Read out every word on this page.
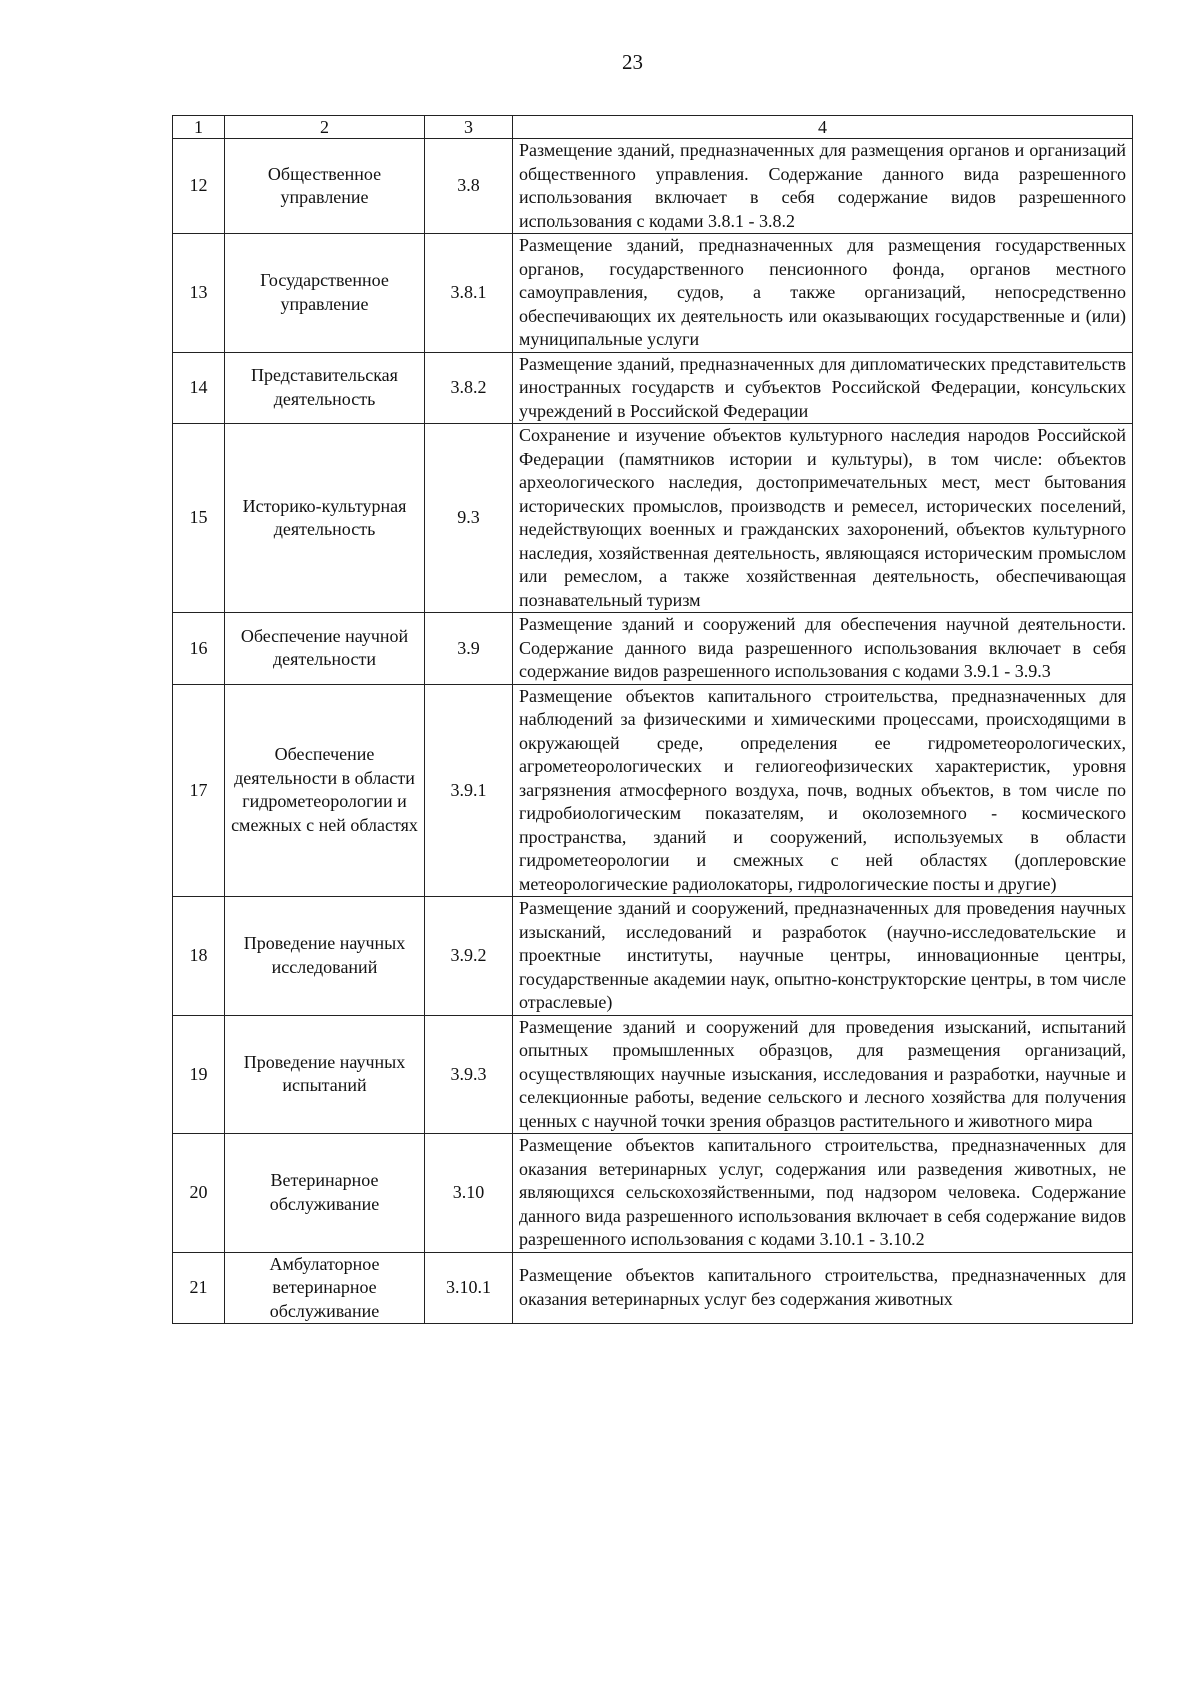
23
1	2	3	4
12	Общественное управление	3.8	Размещение зданий, предназначенных для размещения органов и организаций общественного управления. Содержание данного вида разрешенного использования включает в себя содержание видов разрешенного использования с кодами 3.8.1 - 3.8.2
13	Государственное управление	3.8.1	Размещение зданий, предназначенных для размещения государственных органов, государственного пенсионного фонда, органов местного самоуправления, судов, а также организаций, непосредственно обеспечивающих их деятельность или оказывающих государственные и (или) муниципальные услуги
14	Представительская деятельность	3.8.2	Размещение зданий, предназначенных для дипломатических представительств иностранных государств и субъектов Российской Федерации, консульских учреждений в Российской Федерации
15	Историко-культурная деятельность	9.3	Сохранение и изучение объектов культурного наследия народов Российской Федерации (памятников истории и культуры), в том числе: объектов археологического наследия, достопримечательных мест, мест бытования исторических промыслов, производств и ремесел, исторических поселений, недействующих военных и гражданских захоронений, объектов культурного наследия, хозяйственная деятельность, являющаяся историческим промыслом или ремеслом, а также хозяйственная деятельность, обеспечивающая познавательный туризм
16	Обеспечение научной деятельности	3.9	Размещение зданий и сооружений для обеспечения научной деятельности. Содержание данного вида разрешенного использования включает в себя содержание видов разрешенного использования с кодами 3.9.1 - 3.9.3
17	Обеспечение деятельности в области гидрометеорологии и смежных с ней областях	3.9.1	Размещение объектов капитального строительства, предназначенных для наблюдений за физическими и химическими процессами, происходящими в окружающей среде, определения ее гидрометеорологических, агрометеорологических и гелиогеофизических характеристик, уровня загрязнения атмосферного воздуха, почв, водных объектов, в том числе по гидробиологическим показателям, и околоземного - космического пространства, зданий и сооружений, используемых в области гидрометеорологии и смежных с ней областях (доплеровские метеорологические радиолокаторы, гидрологические посты и другие)
18	Проведение научных исследований	3.9.2	Размещение зданий и сооружений, предназначенных для проведения научных изысканий, исследований и разработок (научно-исследовательские и проектные институты, научные центры, инновационные центры, государственные академии наук, опытно-конструкторские центры, в том числе отраслевые)
19	Проведение научных испытаний	3.9.3	Размещение зданий и сооружений для проведения изысканий, испытаний опытных промышленных образцов, для размещения организаций, осуществляющих научные изыскания, исследования и разработки, научные и селекционные работы, ведение сельского и лесного хозяйства для получения ценных с научной точки зрения образцов растительного и животного мира
20	Ветеринарное обслуживание	3.10	Размещение объектов капитального строительства, предназначенных для оказания ветеринарных услуг, содержания или разведения животных, не являющихся сельскохозяйственными, под надзором человека. Содержание данного вида разрешенного использования включает в себя содержание видов разрешенного использования с кодами 3.10.1 - 3.10.2
21	Амбулаторное ветеринарное обслуживание	3.10.1	Размещение объектов капитального строительства, предназначенных для оказания ветеринарных услуг без содержания животных
